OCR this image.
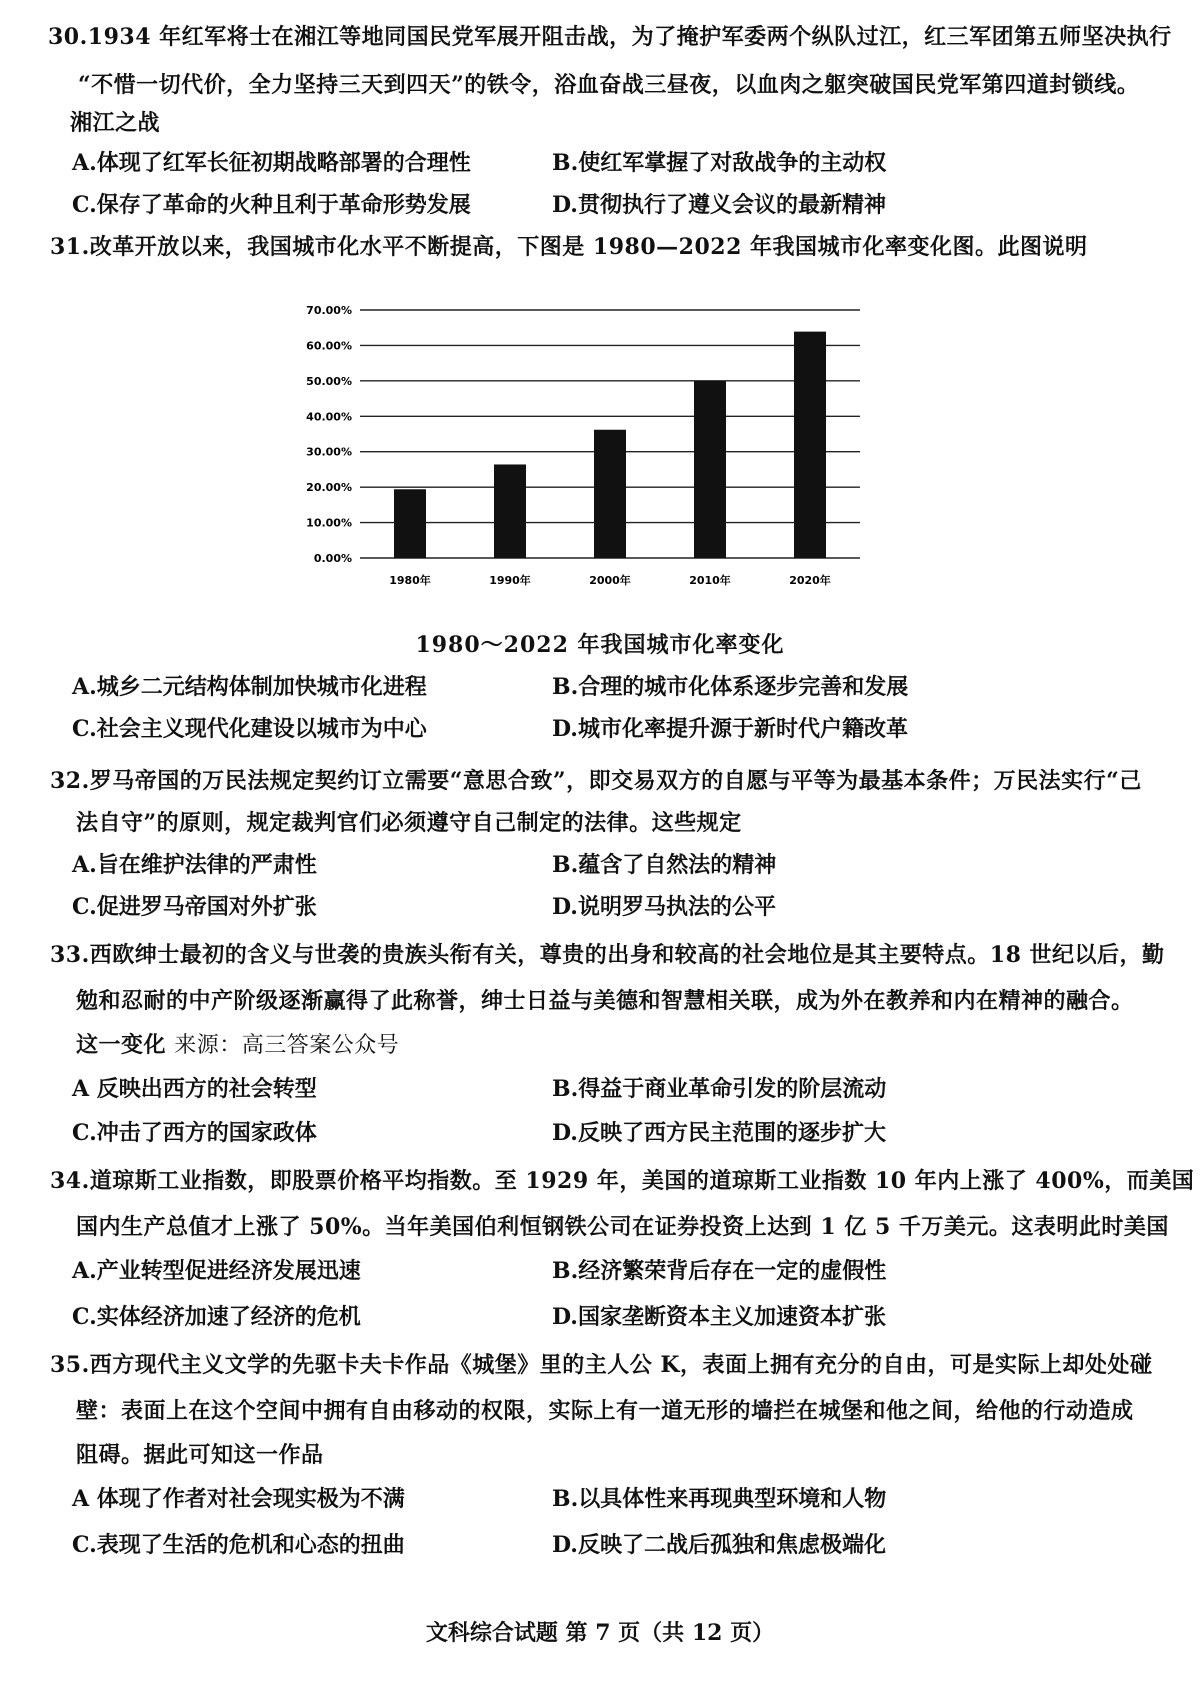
30.1934 年红军将士在湘江等地同国民党军展开阻击战，为了掩护军委两个纵队过江，红三军团第五师坚决执行
“不惜一切代价，全力坚持三天到四天”的铁令，浴血奋战三昼夜，以血肉之躯突破国民党军第四道封锁线。
湘江之战
A.体现了红军长征初期战略部署的合理性	B.使红军掌握了对敌战争的主动权
C.保存了革命的火种且利于革命形势发展	D.贯彻执行了遵义会议的最新精神
31.改革开放以来，我国城市化水平不断提高，下图是 1980—2022 年我国城市化率变化图。此图说明
0.00%
10.00%
20.00%
30.00%
40.00%
50.00%
60.00%
70.00%
1980年	1990年	2000年	2010年	2020年
1980～2022 年我国城市化率变化
A.城乡二元结构体制加快城市化进程	B.合理的城市化体系逐步完善和发展
C.社会主义现代化建设以城市为中心	D.城市化率提升源于新时代户籍改革
32.罗马帝国的万民法规定契约订立需要“意思合致”，即交易双方的自愿与平等为最基本条件；万民法实行“己
法自守”的原则，规定裁判官们必须遵守自己制定的法律。这些规定
A.旨在维护法律的严肃性	B.蕴含了自然法的精神
C.促进罗马帝国对外扩张	D.说明罗马执法的公平
33.西欧绅士最初的含义与世袭的贵族头衔有关，尊贵的出身和较高的社会地位是其主要特点。18 世纪以后，勤
勉和忍耐的中产阶级逐渐赢得了此称誉，绅士日益与美德和智慧相关联，成为外在教养和内在精神的融合。
这一变化 来源：高三答案公众号
A 反映出西方的社会转型	B.得益于商业革命引发的阶层流动
C.冲击了西方的国家政体	D.反映了西方民主范围的逐步扩大
34.道琼斯工业指数，即股票价格平均指数。至 1929 年，美国的道琼斯工业指数 10 年内上涨了 400%，而美国
国内生产总值才上涨了 50%。当年美国伯利恒钢铁公司在证券投资上达到 1 亿 5 千万美元。这表明此时美国
A.产业转型促进经济发展迅速	B.经济繁荣背后存在一定的虚假性
C.实体经济加速了经济的危机	D.国家垄断资本主义加速资本扩张
35.西方现代主义文学的先驱卡夫卡作品《城堡》里的主人公 K，表面上拥有充分的自由，可是实际上却处处碰
壁：表面上在这个空间中拥有自由移动的权限，实际上有一道无形的墙拦在城堡和他之间，给他的行动造成
阻碍。据此可知这一作品
A 体现了作者对社会现实极为不满	B.以具体性来再现典型环境和人物
C.表现了生活的危机和心态的扭曲	D.反映了二战后孤独和焦虑极端化
文科综合试题 第 7 页（共 12 页）
